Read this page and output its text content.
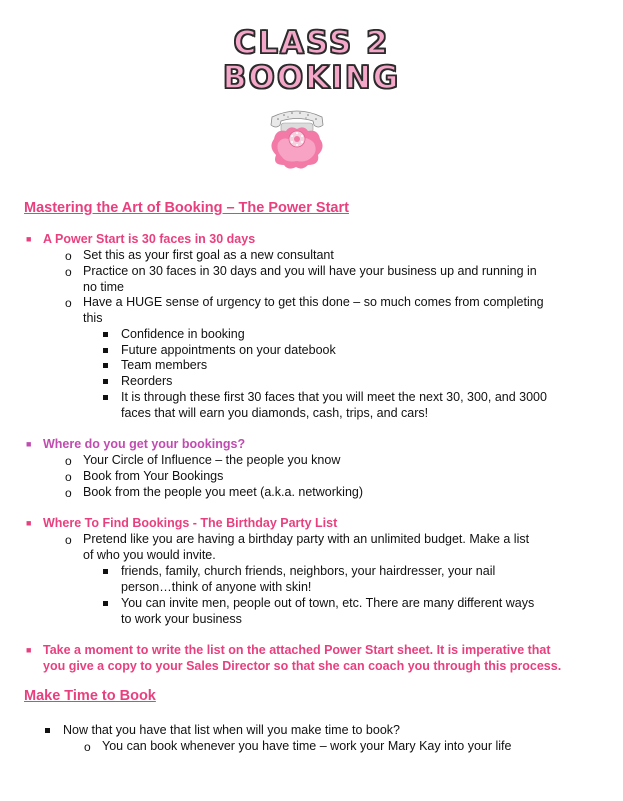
CLASS 2
BOOKING
Mastering the Art of Booking – The Power Start
■ A Power Start is 30 faces in 30 days
o Set this as your first goal as a new consultant
o Practice on 30 faces in 30 days and you will have your business up and running in
no time
o Have a HUGE sense of urgency to get this done – so much comes from completing
this
Confidence in booking
Future appointments on your datebook
Team members
Reorders
It is through these first 30 faces that you will meet the next 30, 300, and 3000
faces that will earn you diamonds, cash, trips, and cars!
■ Where do you get your bookings?
o Your Circle of Influence – the people you know
o Book from Your Bookings
o Book from the people you meet (a.k.a. networking)
■ Where To Find Bookings - The Birthday Party List
o Pretend like you are having a birthday party with an unlimited budget. Make a list
of who you would invite.
friends, family, church friends, neighbors, your hairdresser, your nail
person…think of anyone with skin!
You can invite men, people out of town, etc. There are many different ways
to work your business
■ Take a moment to write the list on the attached Power Start sheet. It is imperative that
you give a copy to your Sales Director so that she can coach you through this process.
Make Time to Book
Now that you have that list when will you make time to book?
o You can book whenever you have time – work your Mary Kay into your life
